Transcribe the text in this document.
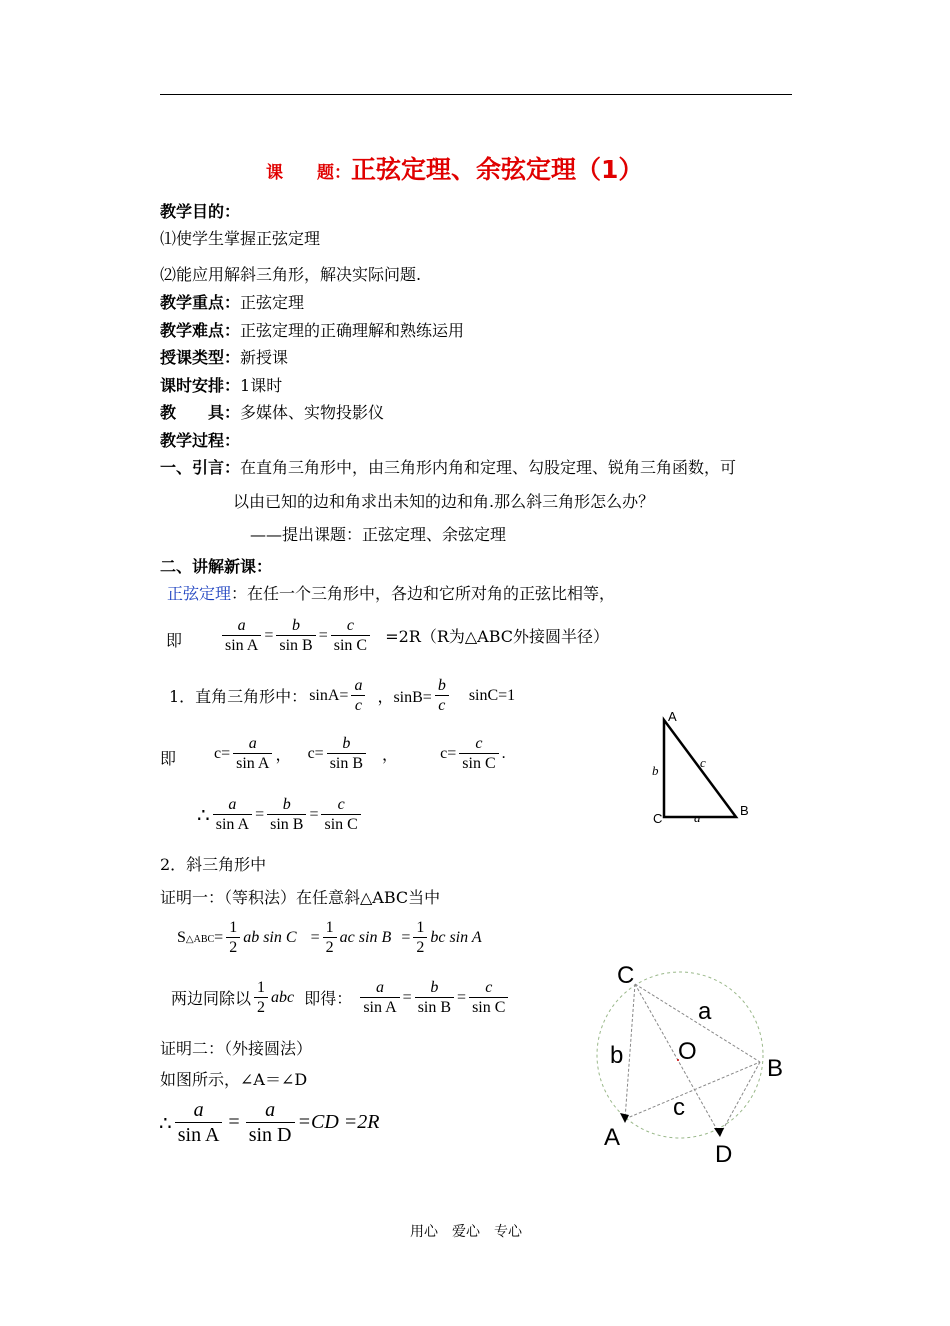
课　　题：正弦定理、余弦定理（1）
教学目的：
⑴使学生掌握正弦定理
⑵能应用解斜三角形，解决实际问题.
教学重点：正弦定理
教学难点：正弦定理的正确理解和熟练运用
授课类型：新授课
课时安排：1课时
教　　具：多媒体、实物投影仪
教学过程：
一、引言：在直角三角形中，由三角形内角和定理、勾股定理、锐角三角函数，可
以由已知的边和角求出未知的边和角.那么斜三角形怎么办？
——提出课题：正弦定理、余弦定理
二、讲解新课：
正弦定理：在任一个三角形中，各边和它所对角的正弦比相等，
即 $\frac{a}{\text{sin A}} = \frac{b}{\text{sin B}} = \frac{c}{\text{sin C}} =2R(R$为△ABC外接圆半径）
1．直角三角形中： $\sin A= \frac{a}{c}$ ，$\sin B= \frac{b}{c} \sin C=1$
即 $c= \frac{a}{\text{sin A}}$ ， $c= \frac{b}{\text{sin B}}$ ，	$c= \frac{c}{\text{sin C}}$ .
∴ $\frac{a}{\text{sin A}} = \frac{b}{\text{sin B}} = \frac{c}{\text{sin C}}$
A
B
C a
b
c
2．斜三角形中
证明一：（等积法）在任意斜△ABC当中
S△ABC= $\frac{1}{2}$ ab $\sin C = \frac{1}{2}$ ac $\sin B = \frac{1}{2}$ bc sin A
两边同除以 $\frac{1}{2}$ abc 即得： $\frac{a}{\text{sin A}} = \frac{b}{\text{sin B}} = \frac{c}{\text{sin C}}$
证明二：（外接圆法）
如图所示，∠A＝∠D
∴ $\frac{a}{\text{sin A}} = \frac{a}{\text{sin D}} =CD =2R$
C
a
b O
B
c
A
D
用心　爱心　专心
